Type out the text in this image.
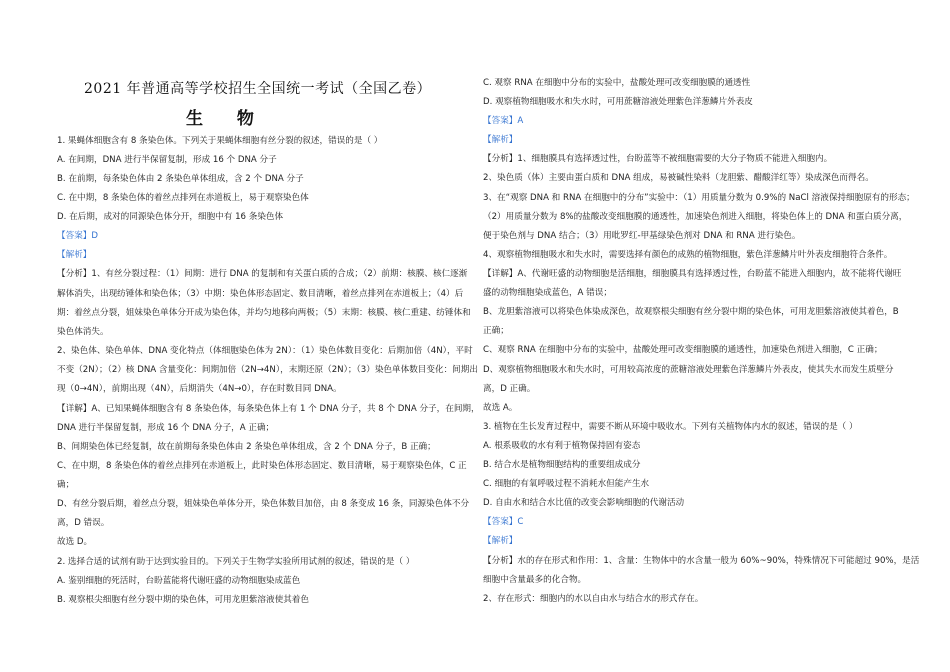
2021 年普通高等学校招生全国统一考试（全国乙卷）
生 物
1. 果蝇体细胞含有 8 条染色体。下列关于果蝇体细胞有丝分裂的叙述，错误的是（ ）
A. 在间期，DNA 进行半保留复制，形成 16 个 DNA 分子
B. 在前期，每条染色体由 2 条染色单体组成，含 2 个 DNA 分子
C. 在中期，8 条染色体的着丝点排列在赤道板上，易于观察染色体
D. 在后期，成对的同源染色体分开，细胞中有 16 条染色体
【答案】D
【解析】
【分析】1、有丝分裂过程：（1）间期：进行 DNA 的复制和有关蛋白质的合成；（2）前期：核膜、核仁逐渐
解体消失，出现纺锤体和染色体；（3）中期：染色体形态固定、数目清晰，着丝点排列在赤道板上；（4）后
期：着丝点分裂，姐妹染色单体分开成为染色体，并均匀地移向两极；（5）末期：核膜、核仁重建、纺锤体和
染色体消失。
2、染色体、染色单体、DNA 变化特点（体细胞染色体为 2N）：（1）染色体数目变化：后期加倍（4N），平时
不变（2N）；（2）核 DNA 含量变化：间期加倍（2N→4N），末期还原（2N）；（3）染色单体数目变化：间期出
现（0→4N），前期出现（4N），后期消失（4N→0），存在时数目同 DNA。
【详解】A、已知果蝇体细胞含有 8 条染色体，每条染色体上有 1 个 DNA 分子，共 8 个 DNA 分子，在间期，
DNA 进行半保留复制，形成 16 个 DNA 分子，A 正确；
B、间期染色体已经复制，故在前期每条染色体由 2 条染色单体组成，含 2 个 DNA 分子，B 正确；
C、在中期，8 条染色体的着丝点排列在赤道板上，此时染色体形态固定、数目清晰，易于观察染色体，C 正
确；
D、有丝分裂后期，着丝点分裂，姐妹染色单体分开，染色体数目加倍，由 8 条变成 16 条，同源染色体不分
离，D 错误。
故选 D。
2. 选择合适的试剂有助于达到实验目的。下列关于生物学实验所用试剂的叙述，错误的是（ ）
A. 鉴别细胞的死活时，台盼蓝能将代谢旺盛的动物细胞染成蓝色
B. 观察根尖细胞有丝分裂中期的染色体，可用龙胆紫溶液使其着色
C. 观察 RNA 在细胞中分布的实验中，盐酸处理可改变细胞膜的通透性
D. 观察植物细胞吸水和失水时，可用蔗糖溶液处理紫色洋葱鳞片外表皮
【答案】A
【解析】
【分析】1、细胞膜具有选择透过性，台盼蓝等不被细胞需要的大分子物质不能进入细胞内。
2、染色质（体）主要由蛋白质和 DNA 组成，易被碱性染料（龙胆紫、醋酸洋红等）染成深色而得名。
3、在“观察 DNA 和 RNA 在细胞中的分布”实验中：（1）用质量分数为 0.9%的 NaCl 溶液保持细胞原有的形态；
（2）用质量分数为 8%的盐酸改变细胞膜的通透性，加速染色剂进入细胞，将染色体上的 DNA 和蛋白质分离，
便于染色剂与 DNA 结合；（3）用吡罗红-甲基绿染色剂对 DNA 和 RNA 进行染色。
4、观察植物细胞吸水和失水时，需要选择有颜色的成熟的植物细胞，紫色洋葱鳞片叶外表皮细胞符合条件。
【详解】A、代谢旺盛的动物细胞是活细胞，细胞膜具有选择透过性，台盼蓝不能进入细胞内，故不能将代谢旺
盛的动物细胞染成蓝色，A 错误；
B、龙胆紫溶液可以将染色体染成深色，故观察根尖细胞有丝分裂中期的染色体，可用龙胆紫溶液使其着色，B
正确；
C、观察 RNA 在细胞中分布的实验中，盐酸处理可改变细胞膜的通透性，加速染色剂进入细胞，C 正确；
D、观察植物细胞吸水和失水时，可用较高浓度的蔗糖溶液处理紫色洋葱鳞片外表皮，使其失水而发生质壁分
离，D 正确。
故选 A。
3. 植物在生长发育过程中，需要不断从环境中吸收水。下列有关植物体内水的叙述，错误的是（ ）
A. 根系吸收的水有利于植物保持固有姿态
B. 结合水是植物细胞结构的重要组成成分
C. 细胞的有氧呼吸过程不消耗水但能产生水
D. 自由水和结合水比值的改变会影响细胞的代谢活动
【答案】C
【解析】
【分析】水的存在形式和作用：1、含量：生物体中的水含量一般为 60%~90%，特殊情况下可能超过 90%，是活
细胞中含量最多的化合物。
2、存在形式：细胞内的水以自由水与结合水的形式存在。
